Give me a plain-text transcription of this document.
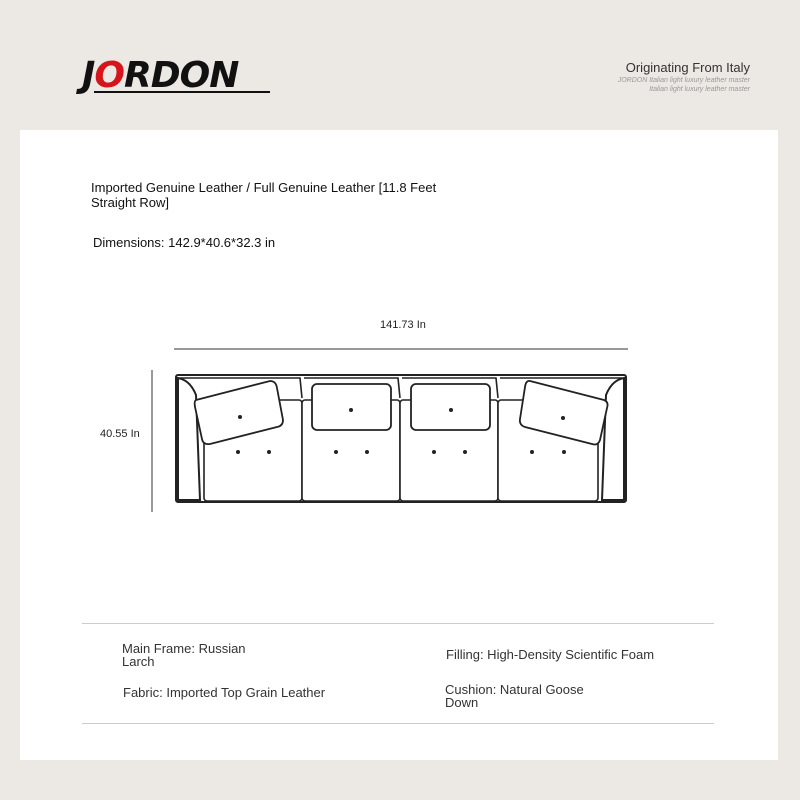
JORDON	Originating From Italy
JORDON Italian light luxury leather master
Italian light luxury leather master
Imported Genuine Leather / Full Genuine Leather [11.8 Feet Straight Row]
Dimensions: 142.9*40.6*32.3 in
141.73 In
40.55 In
Main Frame: Russian Larch	Filling: High-Density Scientific Foam
Fabric: Imported Top Grain Leather	Cushion: Natural Goose Down
